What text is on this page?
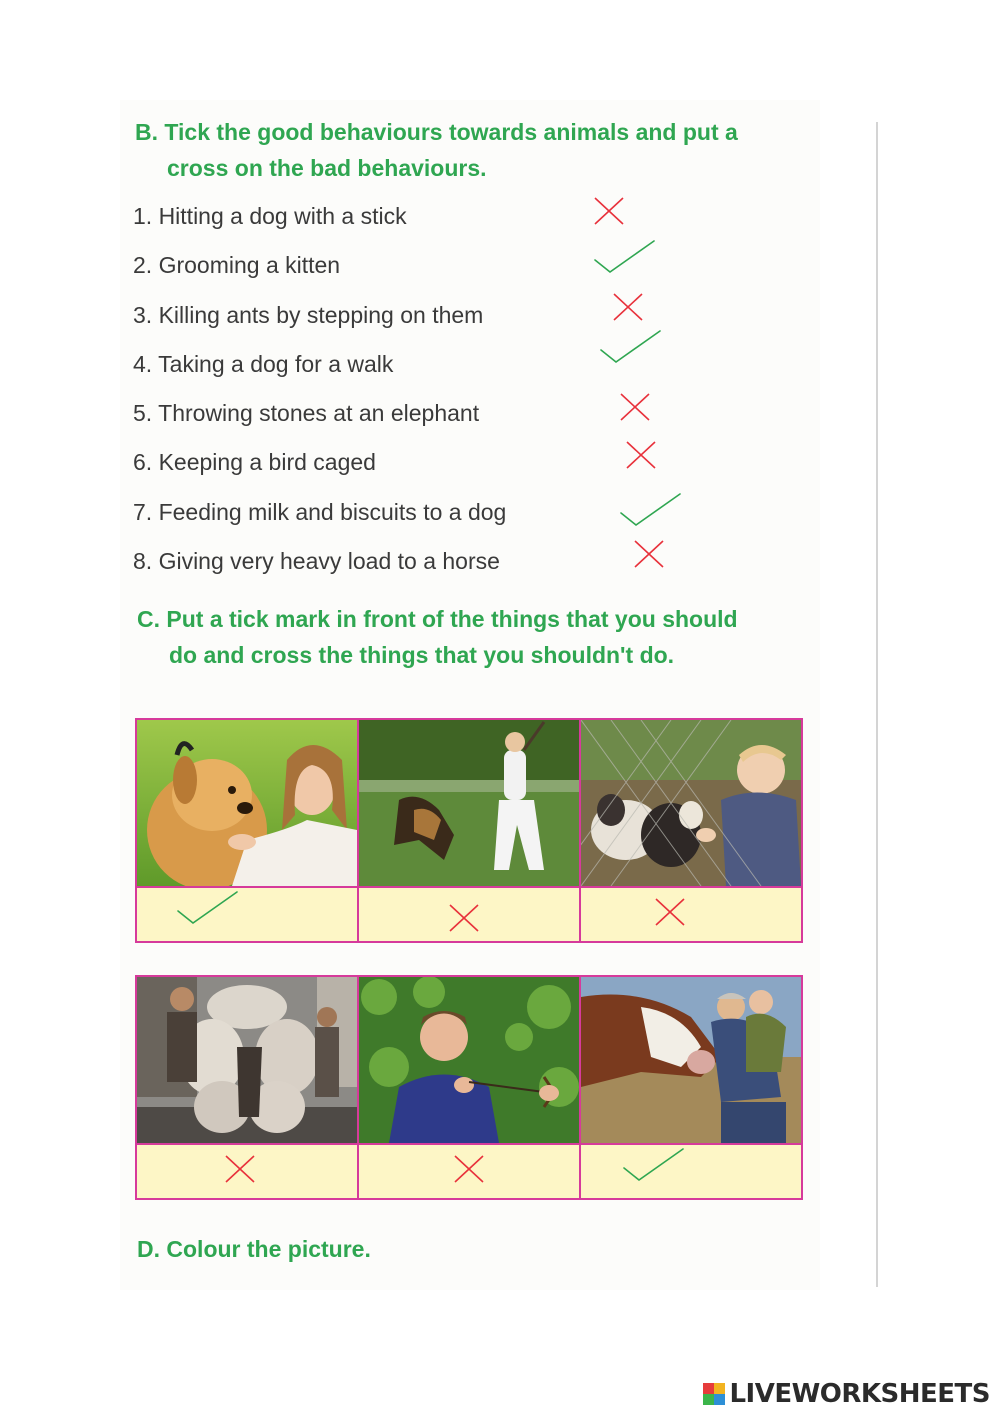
B. Tick the good behaviours towards animals and put a
cross on the bad behaviours.
1. Hitting a dog with a stick
2. Grooming a kitten
3. Killing ants by stepping on them
4. Taking a dog for a walk
5. Throwing stones at an elephant
6. Keeping a bird caged
7. Feeding milk and biscuits to a dog
8. Giving very heavy load to a horse
C. Put a tick mark in front of the things that you should
do and cross the things that you shouldn't do.
D. Colour the picture.
LIVEWORKSHEETS
